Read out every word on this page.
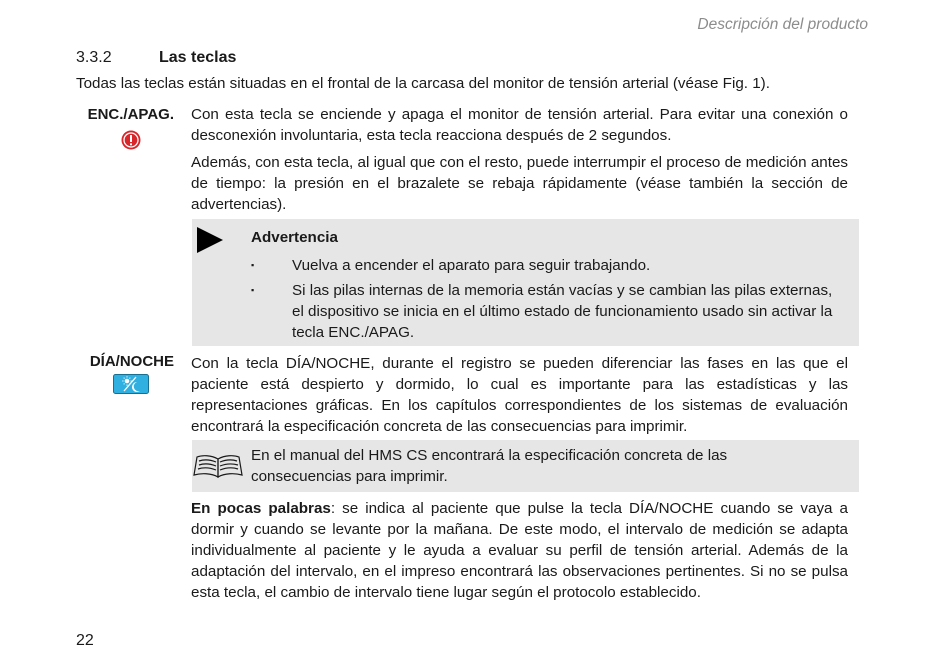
Descripción del producto
3.3.2	Las teclas
Todas las teclas están situadas en el frontal de la carcasa del monitor de tensión arterial (véase Fig. 1).
ENC./APAG. Con esta tecla se enciende y apaga el monitor de tensión arterial. Para evitar una conexión o desconexión involuntaria, esta tecla reacciona después de 2 segundos.
Además, con esta tecla, al igual que con el resto, puede interrumpir el proceso de medición antes de tiempo: la presión en el brazalete se rebaja rápidamente (véase también la sección de advertencias).
Advertencia
▪ Vuelva a encender el aparato para seguir trabajando.
▪ Si las pilas internas de la memoria están vacías y se cambian las pilas externas, el dispositivo se inicia en el último estado de funcionamiento usado sin activar la tecla ENC./APAG.
DÍA/NOCHE Con la tecla DÍA/NOCHE, durante el registro se pueden diferenciar las fases en las que el paciente está despierto y dormido, lo cual es importante para las estadísticas y las representaciones gráficas. En los capítulos correspondientes de los sistemas de evaluación encontrará la especificación concreta de las consecuencias para imprimir.
En el manual del HMS CS encontrará la especificación concreta de las consecuencias para imprimir.
En pocas palabras: se indica al paciente que pulse la tecla DÍA/NOCHE cuando se vaya a dormir y cuando se levante por la mañana. De este modo, el intervalo de medición se adapta individualmente al paciente y le ayuda a evaluar su perfil de tensión arterial. Además de la adaptación del intervalo, en el impreso encontrará las observaciones pertinentes. Si no se pulsa esta tecla, el cambio de intervalo tiene lugar según el protocolo establecido.
22
